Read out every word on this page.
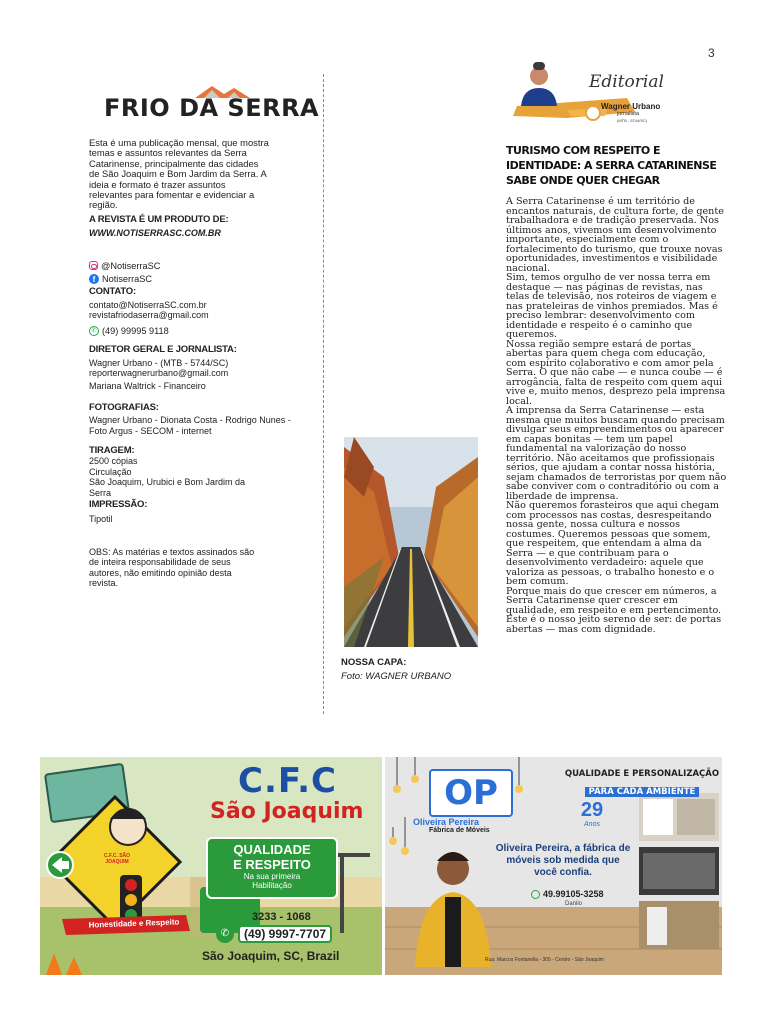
3
FRIO DA SERRA

Esta é uma publicação mensal, que mostra temas e assuntos relevantes da Serra Catarinense, principalmente das cidades de São Joaquim e Bom Jardim da Serra. A ideia e formato é trazer assuntos relevantes para fomentar e evidenciar a região.

A REVISTA É UM PRODUTO DE:
WWW.NOTISERRASC.COM.BR
@NotiserraSC
f NotiserraSC
CONTATO:
contato@NotiserraSC.com.br
revistafriodaserra@gmail.com
✆ (49) 99995 9118
DIRETOR GERAL E JORNALISTA:
Wagner Urbano - (MTB - 5744/SC)
reporterwagnerurbano@gmail.com
Mariana Waltrick - Financeiro
FOTOGRAFIAS:
Wagner Urbano - Dionata Costa - Rodrigo Nunes - Foto Argus - SECOM - internet
TIRAGEM:
2500 cópias
Circulação
São Joaquim, Urubici e Bom Jardim da Serra
IMPRESSÃO:
Tipotil
OBS: As matérias e textos assinados são de inteira responsabilidade de seus autores, não emitindo opinião desta revista.
NOSSA CAPA:
Foto: WAGNER URBANO
Editorial
Wagner Urbano
jornalista
(MTB - 5744/SC)
TURISMO COM RESPEITO E IDENTIDADE: A SERRA CATARINENSE SABE ONDE QUER CHEGAR

A Serra Catarinense é um território de encantos naturais, de cultura forte, de gente trabalhadora e de tradição preservada. Nos últimos anos, vivemos um desenvolvimento importante, especialmente com o fortalecimento do turismo, que trouxe novas oportunidades, investimentos e visibilidade nacional.

Sim, temos orgulho de ver nossa terra em destaque — nas páginas de revistas, nas telas de televisão, nos roteiros de viagem e nas prateleiras de vinhos premiados. Mas é preciso lembrar: desenvolvimento com identidade e respeito é o caminho que queremos.

Nossa região sempre estará de portas abertas para quem chega com educação, com espírito colaborativo e com amor pela Serra. O que não cabe — e nunca coube — é arrogância, falta de respeito com quem aqui vive e, muito menos, desprezo pela imprensa local.

A imprensa da Serra Catarinense — esta mesma que muitos buscam quando precisam divulgar seus empreendimentos ou aparecer em capas bonitas — tem um papel fundamental na valorização do nosso território. Não aceitamos que profissionais sérios, que ajudam a contar nossa história, sejam chamados de terroristas por quem não sabe conviver com o contraditório ou com a liberdade de imprensa.

Não queremos forasteiros que aqui chegam com processos nas costas, desrespeitando nossa gente, nossa cultura e nossos costumes. Queremos pessoas que somem, que respeitem, que entendam a alma da Serra — e que contribuam para o desenvolvimento verdadeiro: aquele que valoriza as pessoas, o trabalho honesto e o bem comum.

Porque mais do que crescer em números, a Serra Catarinense quer crescer em qualidade, em respeito e em pertencimento. Este é o nosso jeito sereno de ser: de portas abertas — mas com dignidade.

C.F.C
São Joaquim
QUALIDADE
E RESPEITO
Na sua primeira
Habilitação
C.F.C. SÃO JOAQUIM
3233 - 1068
✆	(49) 9997-7707
São Joaquim, SC, Brazil
Honestidade e Respeito
OP
Oliveira Pereira
Fábrica de Móveis
QUALIDADE E PERSONALIZAÇÃO
PARA CADA AMBIENTE
29
Anos
Oliveira Pereira, a fábrica de móveis sob medida que você confia.
49.99105-3258
Danilo
Rua: Marcos Fontanella - 305 - Centro - São Joaquim
